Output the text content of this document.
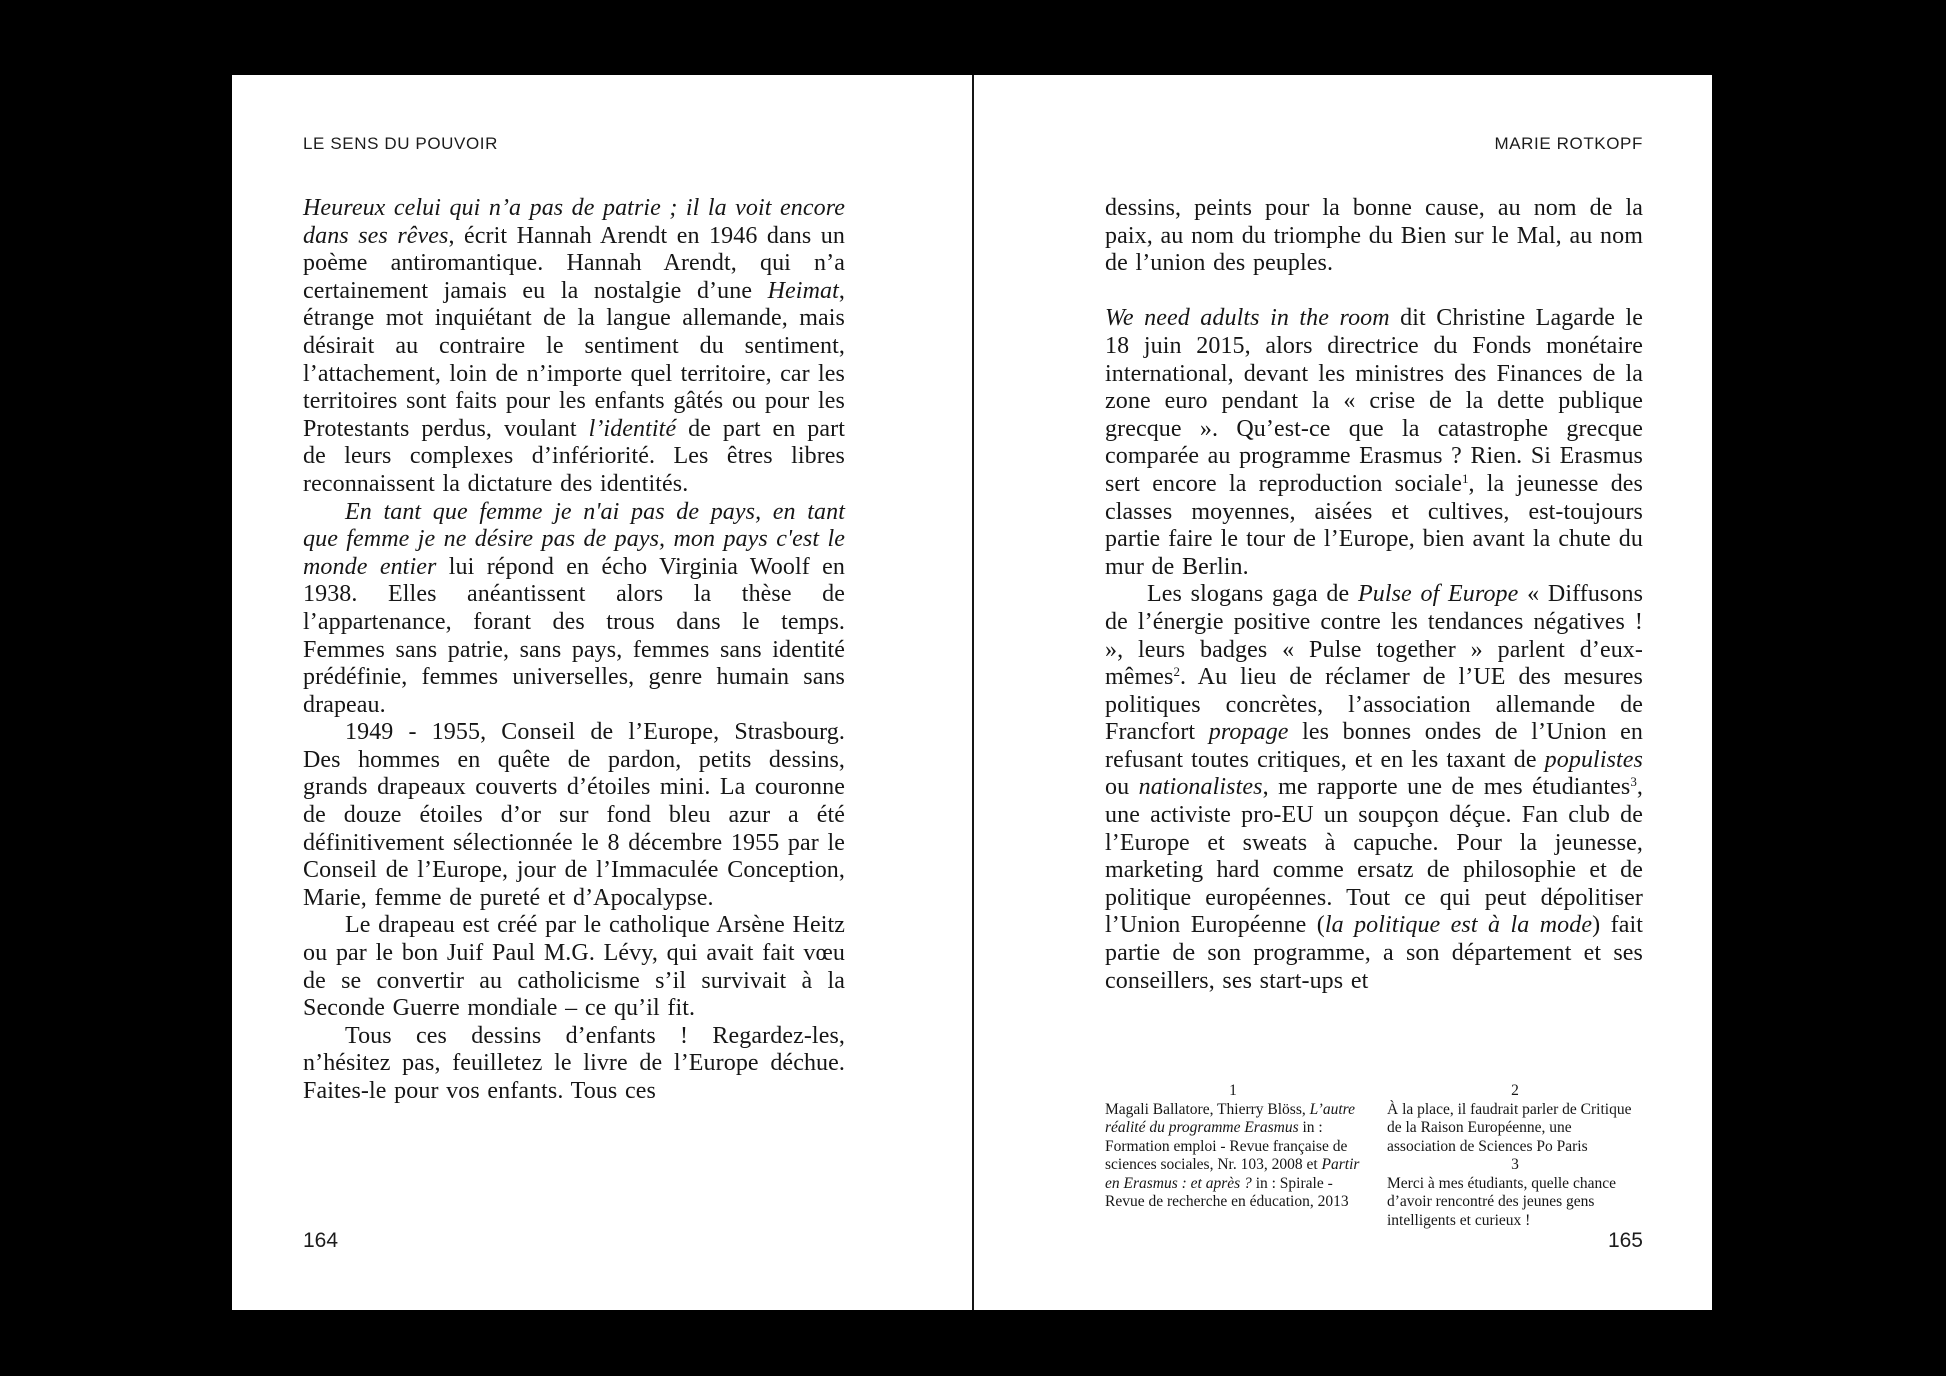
LE SENS DU POUVOIR

Heureux celui qui n’a pas de patrie ; il la voit encore dans ses rêves, écrit Hannah Arendt en 1946 dans un poème antiromantique. Hannah Arendt, qui n’a certainement jamais eu la nostalgie d’une Heimat, étrange mot inquiétant de la langue allemande, mais désirait au contraire le sentiment du sentiment, l’attachement, loin de n’importe quel territoire, car les territoires sont faits pour les enfants gâtés ou pour les Protestants perdus, voulant l’identité de part en part de leurs complexes d’infériorité. Les êtres libres reconnaissent la dictature des identités.

En tant que femme je n'ai pas de pays, en tant que femme je ne désire pas de pays, mon pays c'est le monde entier lui répond en écho Virginia Woolf en 1938. Elles anéantissent alors la thèse de l’appartenance, forant des trous dans le temps. Femmes sans patrie, sans pays, femmes sans identité prédéfinie, femmes universelles, genre humain sans drapeau.

1949 - 1955, Conseil de l’Europe, Strasbourg. Des hommes en quête de pardon, petits dessins, grands drapeaux couverts d’étoiles mini. La couronne de douze étoiles d’or sur fond bleu azur a été définitivement sélectionnée le 8 décembre 1955 par le Conseil de l’Europe, jour de l’Immaculée Conception, Marie, femme de pureté et d’Apocalypse.

Le drapeau est créé par le catholique Arsène Heitz ou par le bon Juif Paul M.G. Lévy, qui avait fait vœu de se convertir au catholicisme s’il survivait à la Seconde Guerre mondiale – ce qu’il fit.

Tous ces dessins d’enfants ! Regardez-les, n’hésitez pas, feuilletez le livre de l’Europe déchue. Faites-le pour vos enfants. Tous ces

164
MARIE ROTKOPF

dessins, peints pour la bonne cause, au nom de la paix, au nom du triomphe du Bien sur le Mal, au nom de l’union des peuples.

We need adults in the room dit Christine Lagarde le 18 juin 2015, alors directrice du Fonds monétaire international, devant les ministres des Finances de la zone euro pendant la « crise de la dette publique grecque ». Qu’est-ce que la catastrophe grecque comparée au programme Erasmus ? Rien. Si Erasmus sert encore la reproduction sociale$^1$, la jeunesse des classes moyennes, aisées et cultives, est-toujours partie faire le tour de l’Europe, bien avant la chute du mur de Berlin.

Les slogans gaga de Pulse of Europe « Diffusons de l’énergie positive contre les tendances négatives ! », leurs badges « Pulse together » parlent d’eux-mêmes$^2$. Au lieu de réclamer de l’UE des mesures politiques concrètes, l’association allemande de Francfort propage les bonnes ondes de l’Union en refusant toutes critiques, et en les taxant de populistes ou nationalistes, me rapporte une de mes étudiantes$^3$, une activiste pro-EU un soupçon déçue. Fan club de l’Europe et sweats à capuche. Pour la jeunesse, marketing hard comme ersatz de philosophie et de politique européennes. Tout ce qui peut dépolitiser l’Union Européenne (la politique est à la mode) fait partie de son programme, a son département et ses conseillers, ses start-ups et

1

Magali Ballatore, Thierry Blöss, L’autre réalité du programme Erasmus in : Formation emploi - Revue française de sciences sociales, Nr. 103, 2008 et Partir en Erasmus : et après ? in : Spirale - Revue de recherche en éducation, 2013

2

À la place, il faudrait parler de Critique de la Raison Européenne, une association de Sciences Po Paris

3

Merci à mes étudiants, quelle chance d’avoir rencontré des jeunes gens intelligents et curieux !

165
